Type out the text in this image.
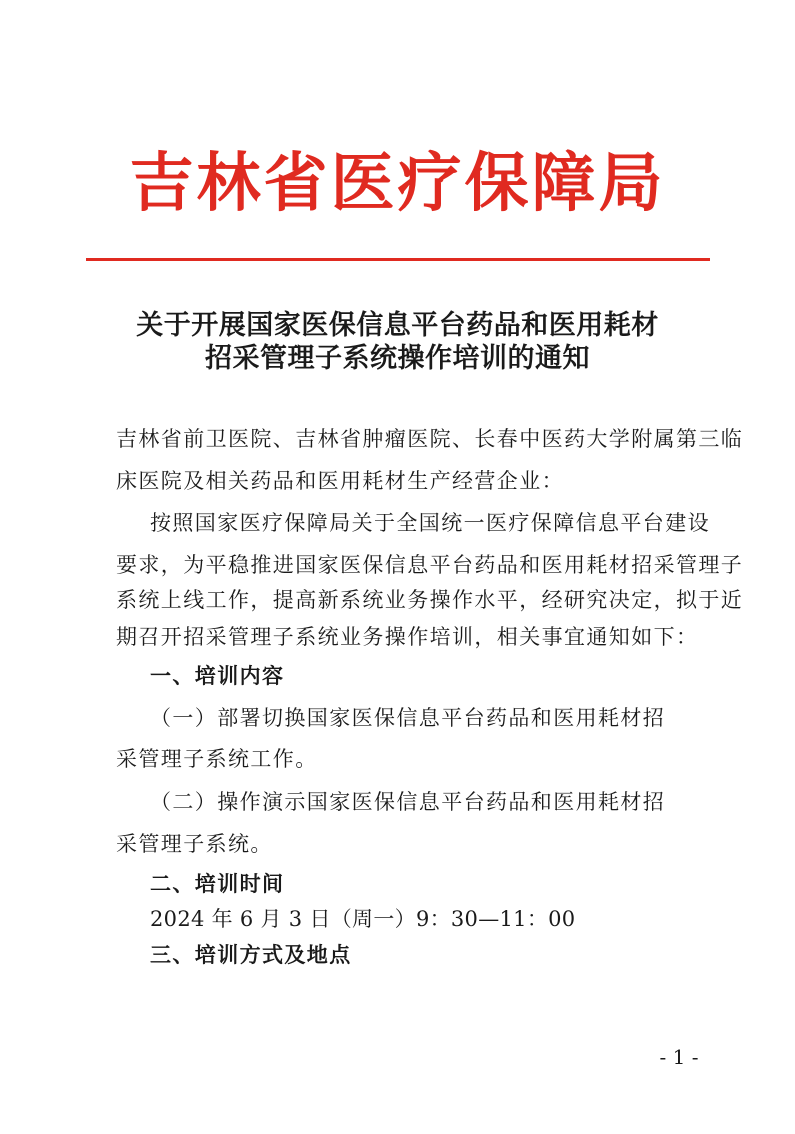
吉林省医疗保障局
关于开展国家医保信息平台药品和医用耗材
招采管理子系统操作培训的通知
吉林省前卫医院、吉林省肿瘤医院、长春中医药大学附属第三临
床医院及相关药品和医用耗材生产经营企业：
按照国家医疗保障局关于全国统一医疗保障信息平台建设
要求，为平稳推进国家医保信息平台药品和医用耗材招采管理子
系统上线工作，提高新系统业务操作水平，经研究决定，拟于近
期召开招采管理子系统业务操作培训，相关事宜通知如下：
一、培训内容
（一）部署切换国家医保信息平台药品和医用耗材招
采管理子系统工作。
（二）操作演示国家医保信息平台药品和医用耗材招
采管理子系统。
二、培训时间
2024 年 6 月 3 日（周一）9：30—11：00
三、培训方式及地点
- 1 -
